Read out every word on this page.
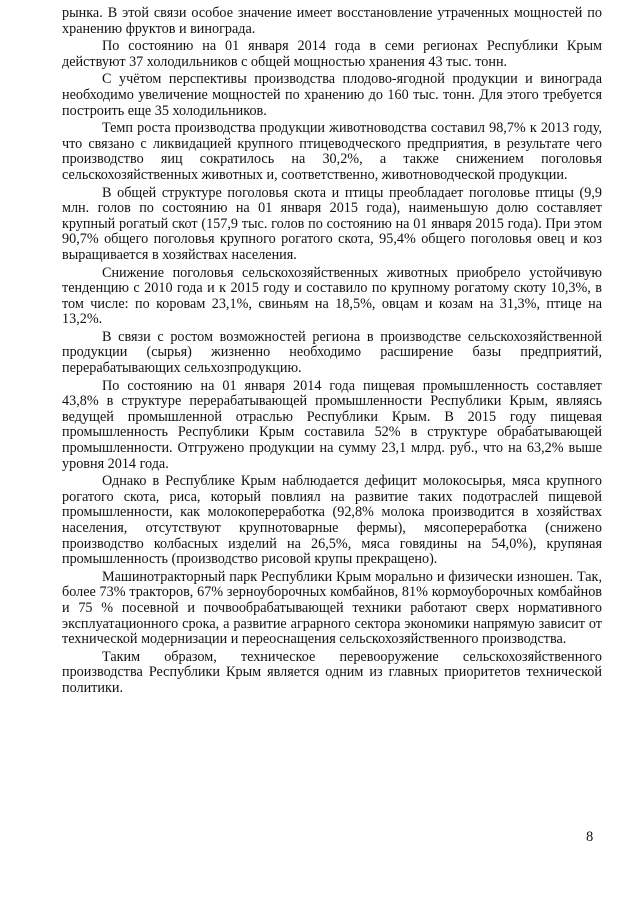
рынка. В этой связи особое значение имеет восстановление утраченных мощностей по хранению фруктов и винограда.

По состоянию на 01 января 2014 года в семи регионах Республики Крым действуют 37 холодильников с общей мощностью хранения 43 тыс. тонн.

С учётом перспективы производства плодово-ягодной продукции и винограда необходимо увеличение мощностей по хранению до 160 тыс. тонн. Для этого требуется построить еще 35 холодильников.

Темп роста производства продукции животноводства составил 98,7% к 2013 году, что связано с ликвидацией крупного птицеводческого предприятия, в результате чего производство яиц сократилось на 30,2%, а также снижением поголовья сельскохозяйственных животных и, соответственно, животноводческой продукции.

В общей структуре поголовья скота и птицы преобладает поголовье птицы (9,9 млн. голов по состоянию на 01 января 2015 года), наименьшую долю составляет крупный рогатый скот (157,9 тыс. голов по состоянию на 01 января 2015 года). При этом 90,7% общего поголовья крупного рогатого скота, 95,4% общего поголовья овец и коз выращивается в хозяйствах населения.

Снижение поголовья сельскохозяйственных животных приобрело устойчивую тенденцию с 2010 года и к 2015 году и составило по крупному рогатому скоту 10,3%, в том числе: по коровам 23,1%, свиньям на 18,5%, овцам и козам на 31,3%, птице на 13,2%.

В связи с ростом возможностей региона в производстве сельскохозяйственной продукции (сырья) жизненно необходимо расширение базы предприятий, перерабатывающих сельхозпродукцию.

По состоянию на 01 января 2014 года пищевая промышленность составляет 43,8% в структуре перерабатывающей промышленности Республики Крым, являясь ведущей промышленной отраслью Республики Крым. В 2015 году пищевая промышленность Республики Крым составила 52% в структуре обрабатывающей промышленности. Отгружено продукции на сумму 23,1 млрд. руб., что на 63,2% выше уровня 2014 года.

Однако в Республике Крым наблюдается дефицит молокосырья, мяса крупного рогатого скота, риса, который повлиял на развитие таких подотраслей пищевой промышленности, как молокопереработка (92,8% молока производится в хозяйствах населения, отсутствуют крупнотоварные фермы), мясопереработка (снижено производство колбасных изделий на 26,5%, мяса говядины на 54,0%), крупяная промышленность (производство рисовой крупы прекращено).

Машинотракторный парк Республики Крым морально и физически изношен. Так, более 73% тракторов, 67% зерноуборочных комбайнов, 81% кормоуборочных комбайнов и 75 % посевной и почвообрабатывающей техники работают сверх нормативного эксплуатационного срока, а развитие аграрного сектора экономики напрямую зависит от технической модернизации и переоснащения сельскохозяйственного производства.

Таким образом, техническое перевооружение сельскохозяйственного производства Республики Крым является одним из главных приоритетов технической политики.

8
